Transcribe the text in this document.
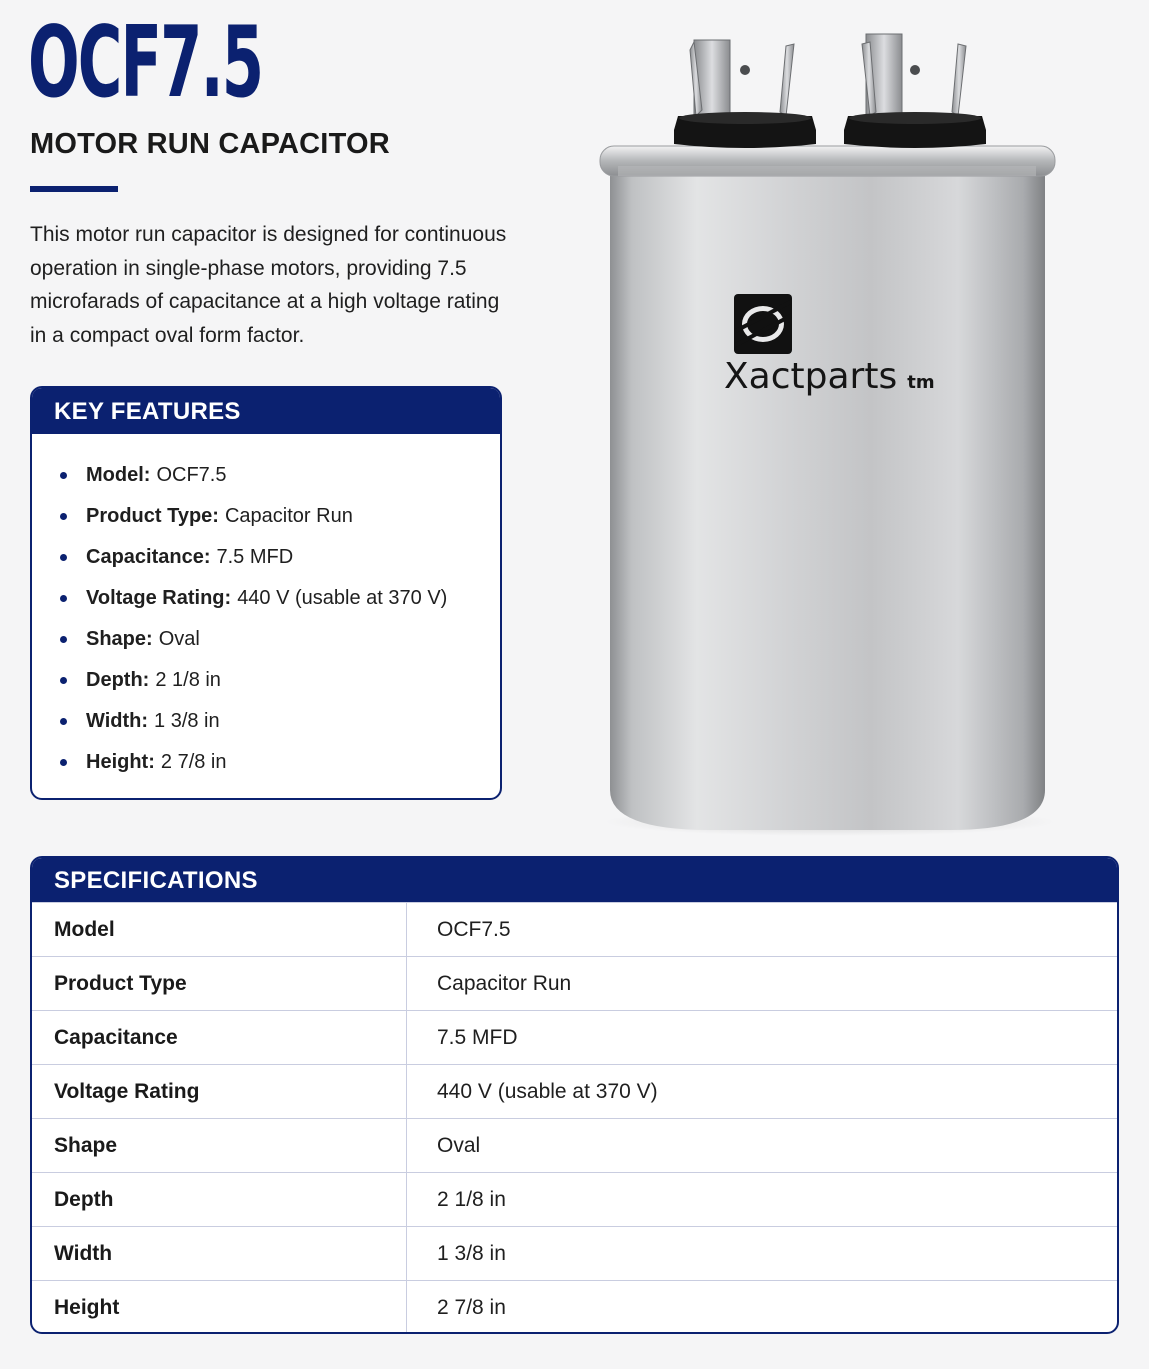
OCF7.5
MOTOR RUN CAPACITOR

This motor run capacitor is designed for continuous operation in single-phase motors, providing 7.5 microfarads of capacitance at a high voltage rating in a compact oval form factor.

KEY FEATURES
Model: OCF7.5
Product Type: Capacitor Run
Capacitance: 7.5 MFD
Voltage Rating: 440 V (usable at 370 V)
Shape: Oval
Depth: 2 1/8 in
Width: 1 3/8 in
Height: 2 7/8 in
Xactparts tm
SPECIFICATIONS
Model	OCF7.5
Product Type	Capacitor Run
Capacitance	7.5 MFD
Voltage Rating	440 V (usable at 370 V)
Shape	Oval
Depth	2 1/8 in
Width	1 3/8 in
Height	2 7/8 in
